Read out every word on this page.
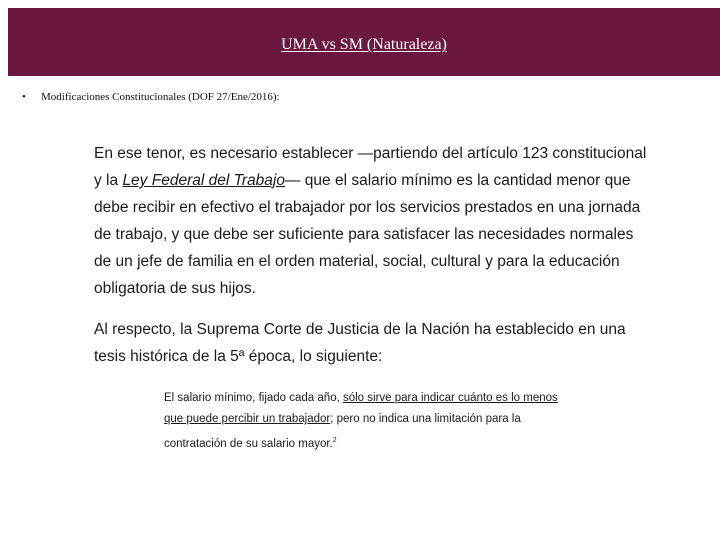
UMA vs SM (Naturaleza)
•	Modificaciones Constitucionales (DOF 27/Ene/2016):
En ese tenor, es necesario establecer —partiendo del artículo 123 constitucional y la Ley Federal del Trabajo— que el salario mínimo es la cantidad menor que debe recibir en efectivo el trabajador por los servicios prestados en una jornada de trabajo, y que debe ser suficiente para satisfacer las necesidades normales de un jefe de familia en el orden material, social, cultural y para la educación obligatoria de sus hijos.
Al respecto, la Suprema Corte de Justicia de la Nación ha establecido en una tesis histórica de la 5ª época, lo siguiente:
El salario mínimo, fijado cada año, sólo sirve para indicar cuánto es lo menos que puede percibir un trabajador; pero no indica una limitación para la contratación de su salario mayor.$^2$
